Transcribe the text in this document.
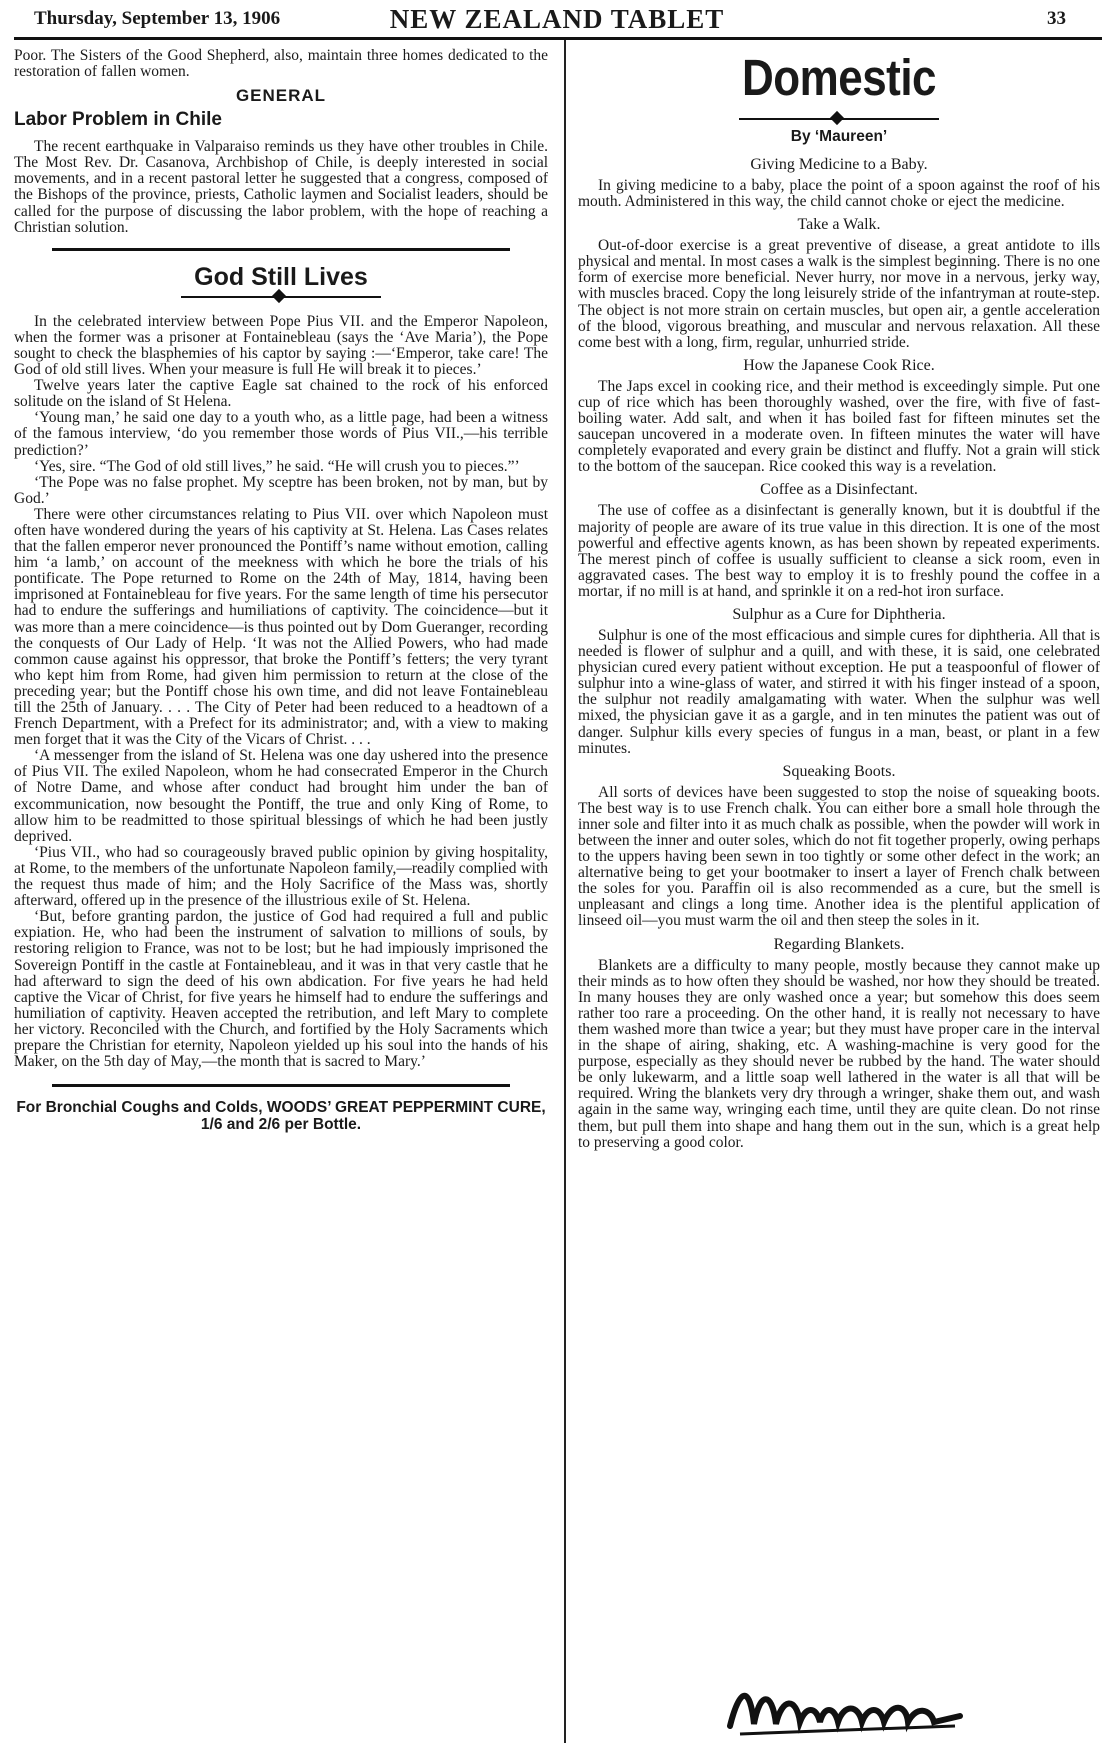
Thursday, September 13, 1906	NEW ZEALAND TABLET	33

Poor. The Sisters of the Good Shepherd, also, maintain three homes dedicated to the restoration of fallen women.

GENERAL
Labor Problem in Chile

The recent earthquake in Valparaiso reminds us they have other troubles in Chile. The Most Rev. Dr. Casanova, Archbishop of Chile, is deeply interested in social movements, and in a recent pastoral letter he suggested that a congress, composed of the Bishops of the province, priests, Catholic laymen and Socialist leaders, should be called for the purpose of discussing the labor problem, with the hope of reaching a Christian solution.

God Still Lives

In the celebrated interview between Pope Pius VII. and the Emperor Napoleon, when the former was a prisoner at Fontainebleau (says the ‘Ave Maria’), the Pope sought to check the blasphemies of his captor by saying :—‘Emperor, take care! The God of old still lives. When your measure is full He will break it to pieces.’

Twelve years later the captive Eagle sat chained to the rock of his enforced solitude on the island of St Helena.

‘Young man,’ he said one day to a youth who, as a little page, had been a witness of the famous interview, ‘do you remember those words of Pius VII.,—his terrible prediction?’

‘Yes, sire. “The God of old still lives,” he said. “He will crush you to pieces.”’

‘The Pope was no false prophet. My sceptre has been broken, not by man, but by God.’

There were other circumstances relating to Pius VII. over which Napoleon must often have wondered during the years of his captivity at St. Helena. Las Cases relates that the fallen emperor never pronounced the Pontiff’s name without emotion, calling him ‘a lamb,’ on account of the meekness with which he bore the trials of his pontificate. The Pope returned to Rome on the 24th of May, 1814, having been imprisoned at Fontainebleau for five years. For the same length of time his persecutor had to endure the sufferings and humiliations of captivity. The coincidence—but it was more than a mere coincidence—is thus pointed out by Dom Gueranger, recording the conquests of Our Lady of Help. ‘It was not the Allied Powers, who had made common cause against his oppressor, that broke the Pontiff’s fetters; the very tyrant who kept him from Rome, had given him permission to return at the close of the preceding year; but the Pontiff chose his own time, and did not leave Fontainebleau till the 25th of January. . . . The City of Peter had been reduced to a headtown of a French Department, with a Prefect for its administrator; and, with a view to making men forget that it was the City of the Vicars of Christ. . . .

‘A messenger from the island of St. Helena was one day ushered into the presence of Pius VII. The exiled Napoleon, whom he had consecrated Emperor in the Church of Notre Dame, and whose after conduct had brought him under the ban of excommunication, now besought the Pontiff, the true and only King of Rome, to allow him to be readmitted to those spiritual blessings of which he had been justly deprived.

‘Pius VII., who had so courageously braved public opinion by giving hospitality, at Rome, to the members of the unfortunate Napoleon family,—readily complied with the request thus made of him; and the Holy Sacrifice of the Mass was, shortly afterward, offered up in the presence of the illustrious exile of St. Helena.

‘But, before granting pardon, the justice of God had required a full and public expiation. He, who had been the instrument of salvation to millions of souls, by restoring religion to France, was not to be lost; but he had impiously imprisoned the Sovereign Pontiff in the castle at Fontainebleau, and it was in that very castle that he had afterward to sign the deed of his own abdication. For five years he had held captive the Vicar of Christ, for five years he himself had to endure the sufferings and humiliation of captivity. Heaven accepted the retribution, and left Mary to complete her victory. Reconciled with the Church, and fortified by the Holy Sacraments which prepare the Christian for eternity, Napoleon yielded up his soul into the hands of his Maker, on the 5th day of May,—the month that is sacred to Mary.’

For Bronchial Coughs and Colds, WOODS’ GREAT PEPPERMINT CURE, 1/6 and 2/6 per Bottle.
Domestic
By ‘Maureen’
Giving Medicine to a Baby.

In giving medicine to a baby, place the point of a spoon against the roof of his mouth. Administered in this way, the child cannot choke or eject the medicine.

Take a Walk.

Out-of-door exercise is a great preventive of disease, a great antidote to ills physical and mental. In most cases a walk is the simplest beginning. There is no one form of exercise more beneficial. Never hurry, nor move in a nervous, jerky way, with muscles braced. Copy the long leisurely stride of the infantryman at route-step. The object is not more strain on certain muscles, but open air, a gentle acceleration of the blood, vigorous breathing, and muscular and nervous relaxation. All these come best with a long, firm, regular, unhurried stride.

How the Japanese Cook Rice.

The Japs excel in cooking rice, and their method is exceedingly simple. Put one cup of rice which has been thoroughly washed, over the fire, with five of fast-boiling water. Add salt, and when it has boiled fast for fifteen minutes set the saucepan uncovered in a moderate oven. In fifteen minutes the water will have completely evaporated and every grain be distinct and fluffy. Not a grain will stick to the bottom of the saucepan. Rice cooked this way is a revelation.

Coffee as a Disinfectant.

The use of coffee as a disinfectant is generally known, but it is doubtful if the majority of people are aware of its true value in this direction. It is one of the most powerful and effective agents known, as has been shown by repeated experiments. The merest pinch of coffee is usually sufficient to cleanse a sick room, even in aggravated cases. The best way to employ it is to freshly pound the coffee in a mortar, if no mill is at hand, and sprinkle it on a red-hot iron surface.

Sulphur as a Cure for Diphtheria.

Sulphur is one of the most efficacious and simple cures for diphtheria. All that is needed is flower of sulphur and a quill, and with these, it is said, one celebrated physician cured every patient without exception. He put a teaspoonful of flower of sulphur into a wine-glass of water, and stirred it with his finger instead of a spoon, the sulphur not readily amalgamating with water. When the sulphur was well mixed, the physician gave it as a gargle, and in ten minutes the patient was out of danger. Sulphur kills every species of fungus in a man, beast, or plant in a few minutes.

Squeaking Boots.

All sorts of devices have been suggested to stop the noise of squeaking boots. The best way is to use French chalk. You can either bore a small hole through the inner sole and filter into it as much chalk as possible, when the powder will work in between the inner and outer soles, which do not fit together properly, owing perhaps to the uppers having been sewn in too tightly or some other defect in the work; an alternative being to get your bootmaker to insert a layer of French chalk between the soles for you. Paraffin oil is also recommended as a cure, but the smell is unpleasant and clings a long time. Another idea is the plentiful application of linseed oil—you must warm the oil and then steep the soles in it.

Regarding Blankets.

Blankets are a difficulty to many people, mostly because they cannot make up their minds as to how often they should be washed, nor how they should be treated. In many houses they are only washed once a year; but somehow this does seem rather too rare a proceeding. On the other hand, it is really not necessary to have them washed more than twice a year; but they must have proper care in the interval in the shape of airing, shaking, etc. A washing-machine is very good for the purpose, especially as they should never be rubbed by the hand. The water should be only lukewarm, and a little soap well lathered in the water is all that will be required. Wring the blankets very dry through a wringer, shake them out, and wash again in the same way, wringing each time, until they are quite clean. Do not rinse them, but pull them into shape and hang them out in the sun, which is a great help to preserving a good color.
